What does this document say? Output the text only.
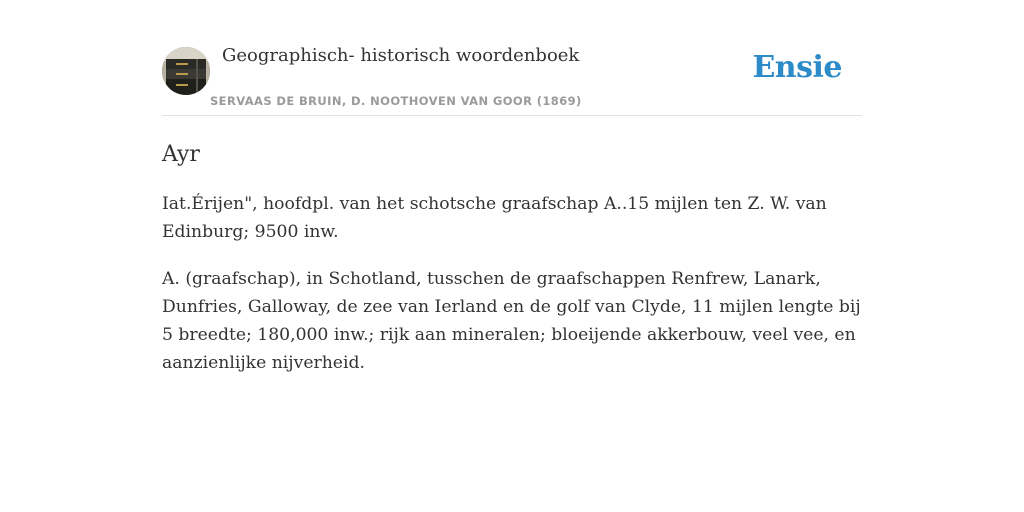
Geographisch- historisch woordenboek
SERVAAS DE BRUIN, D. NOOTHOVEN VAN GOOR (1869)
Ensie
Ayr

Iat.Érijen", hoofdpl. van het schotsche graafschap A..15 mijlen ten Z. W. van Edinburg; 9500 inw.

A. (graafschap), in Schotland, tusschen de graafschappen Renfrew, Lanark, Dunfries, Galloway, de zee van Ierland en de golf van Clyde, 11 mijlen lengte bij 5 breedte; 180,000 inw.; rijk aan mineralen; bloeijende akkerbouw, veel vee, en aanzienlijke nijverheid.
